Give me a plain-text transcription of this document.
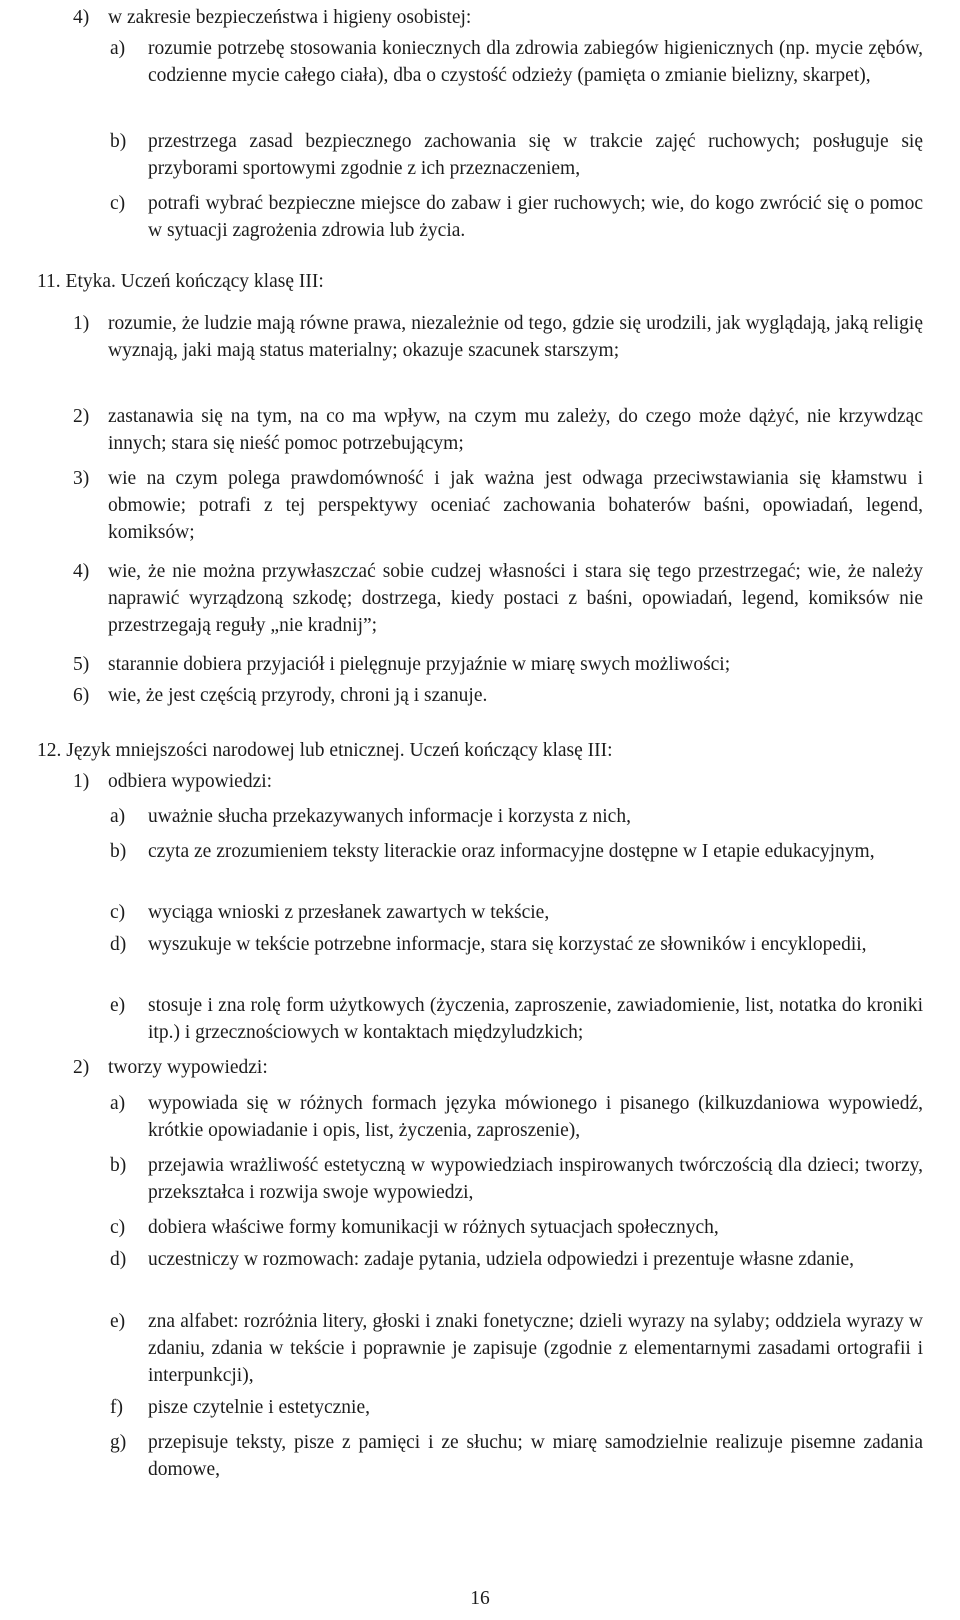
4) w zakresie bezpieczeństwa i higieny osobistej:
a)	rozumie potrzebę stosowania koniecznych dla zdrowia zabiegów higienicznych (np. mycie zębów, codzienne mycie całego ciała), dba o czystość odzieży (pamięta o zmianie bielizny, skarpet),
b)	przestrzega zasad bezpiecznego zachowania się w trakcie zajęć ruchowych; posługuje się przyborami sportowymi zgodnie z ich przeznaczeniem,
c)	potrafi wybrać bezpieczne miejsce do zabaw i gier ruchowych; wie, do kogo zwrócić się o pomoc w sytuacji zagrożenia zdrowia lub życia.
11. Etyka. Uczeń kończący klasę III:
1) rozumie, że ludzie mają równe prawa, niezależnie od tego, gdzie się urodzili, jak wyglądają, jaką religię wyznają, jaki mają status materialny; okazuje szacunek starszym;
2) zastanawia się na tym, na co ma wpływ, na czym mu zależy, do czego może dążyć, nie krzywdząc innych; stara się nieść pomoc potrzebującym;
3) wie na czym polega prawdomówność i jak ważna jest odwaga przeciwstawiania się kłamstwu i obmowie; potrafi z tej perspektywy oceniać zachowania bohaterów baśni, opowiadań, legend, komiksów;
4) wie, że nie można przywłaszczać sobie cudzej własności i stara się tego przestrzegać; wie, że należy naprawić wyrządzoną szkodę; dostrzega, kiedy postaci z baśni, opowiadań, legend, komiksów nie przestrzegają reguły „nie kradnij”;
5) starannie dobiera przyjaciół i pielęgnuje przyjaźnie w miarę swych możliwości;
6) wie, że jest częścią przyrody, chroni ją i szanuje.
12. Język mniejszości narodowej lub etnicznej. Uczeń kończący klasę III:
1) odbiera wypowiedzi:
a)	uważnie słucha przekazywanych informacje i korzysta z nich,
b)	czyta ze zrozumieniem teksty literackie oraz informacyjne dostępne w I etapie edukacyjnym,
c)	wyciąga wnioski z przesłanek zawartych w tekście,
d)	wyszukuje w tekście potrzebne informacje, stara się korzystać ze słowników i encyklopedii,
e)	stosuje i zna rolę form użytkowych (życzenia, zaproszenie, zawiadomienie, list, notatka do kroniki itp.) i grzecznościowych w kontaktach międzyludzkich;
2) tworzy wypowiedzi:
a)	wypowiada się w różnych formach języka mówionego i pisanego (kilkuzdaniowa wypowiedź, krótkie opowiadanie i opis, list, życzenia, zaproszenie),
b)	przejawia wrażliwość estetyczną w wypowiedziach inspirowanych twórczością dla dzieci; tworzy, przekształca i rozwija swoje wypowiedzi,
c)	dobiera właściwe formy komunikacji w różnych sytuacjach społecznych,
d)	uczestniczy w rozmowach: zadaje pytania, udziela odpowiedzi i prezentuje własne zdanie,
e)	zna alfabet: rozróżnia litery, głoski i znaki fonetyczne; dzieli wyrazy na sylaby; oddziela wyrazy w zdaniu, zdania w tekście i poprawnie je zapisuje (zgodnie z elementarnymi zasadami ortografii i interpunkcji),
f)	pisze czytelnie i estetycznie,
g)	przepisuje teksty, pisze z pamięci i ze słuchu; w miarę samodzielnie realizuje pisemne zadania domowe,
16
